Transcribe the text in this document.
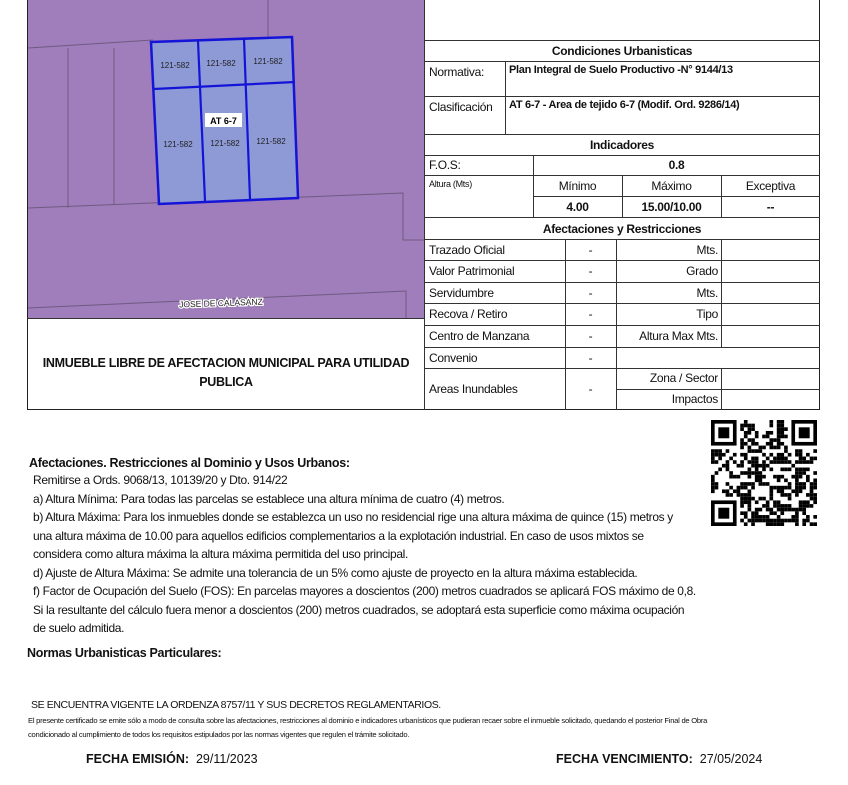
AT 6-7
121-582 121-582 121-582
121-582 121-582 121-582
JOSE DE CALASANZ
INMUEBLE LIBRE DE AFECTACION MUNICIPAL PARA UTILIDAD PUBLICA
Condiciones Urbanisticas
Normativa: Plan Integral de Suelo Productivo -N° 9144/13
Clasificación AT 6-7 - Area de tejido 6-7 (Modif. Ord. 9286/14)
Indicadores
F.O.S:	0.8
Altura (Mts)	Mínimo	Máximo	Exceptiva
4.00	15.00/10.00	--
Afectaciones y Restricciones
Trazado Oficial	-	Mts.
Valor Patrimonial	-	Grado
Servidumbre	-	Mts.
Recova / Retiro	-	Tipo
Centro de Manzana	-	Altura Max Mts.
Convenio	-
Areas Inundables	-
Zona / Sector
Impactos
Afectaciones. Restricciones al Dominio y Usos Urbanos:
Remitirse a Ords. 9068/13, 10139/20 y Dto. 914/22
a) Altura Mínima: Para todas las parcelas se establece una altura mínima de cuatro (4) metros.
b) Altura Máxima: Para los inmuebles donde se establezca un uso no residencial rige una altura máxima de quince (15) metros y
una altura máxima de 10.00 para aquellos edificios complementarios a la explotación industrial. En caso de usos mixtos se
considera como altura máxima la altura máxima permitida del uso principal.
d) Ajuste de Altura Máxima: Se admite una tolerancia de un 5% como ajuste de proyecto en la altura máxima establecida.
f) Factor de Ocupación del Suelo (FOS): En parcelas mayores a doscientos (200) metros cuadrados se aplicará FOS máximo de 0,8.
Si la resultante del cálculo fuera menor a doscientos (200) metros cuadrados, se adoptará esta superficie como máxima ocupación
de suelo admitida.
Normas Urbanisticas Particulares:
SE ENCUENTRA VIGENTE LA ORDENZA 8757/11 Y SUS DECRETOS REGLAMENTARIOS.
El presente certificado se emite sólo a modo de consulta sobre las afectaciones, restricciones al dominio e indicadores urbanísticos que pudieran recaer sobre el inmueble solicitado, quedando el posterior Final de Obra
condicionado al cumplimiento de todos los requisitos estipulados por las normas vigentes que regulen el trámite solicitado.
FECHA EMISIÓN: 29/11/2023	FECHA VENCIMIENTO: 27/05/2024
